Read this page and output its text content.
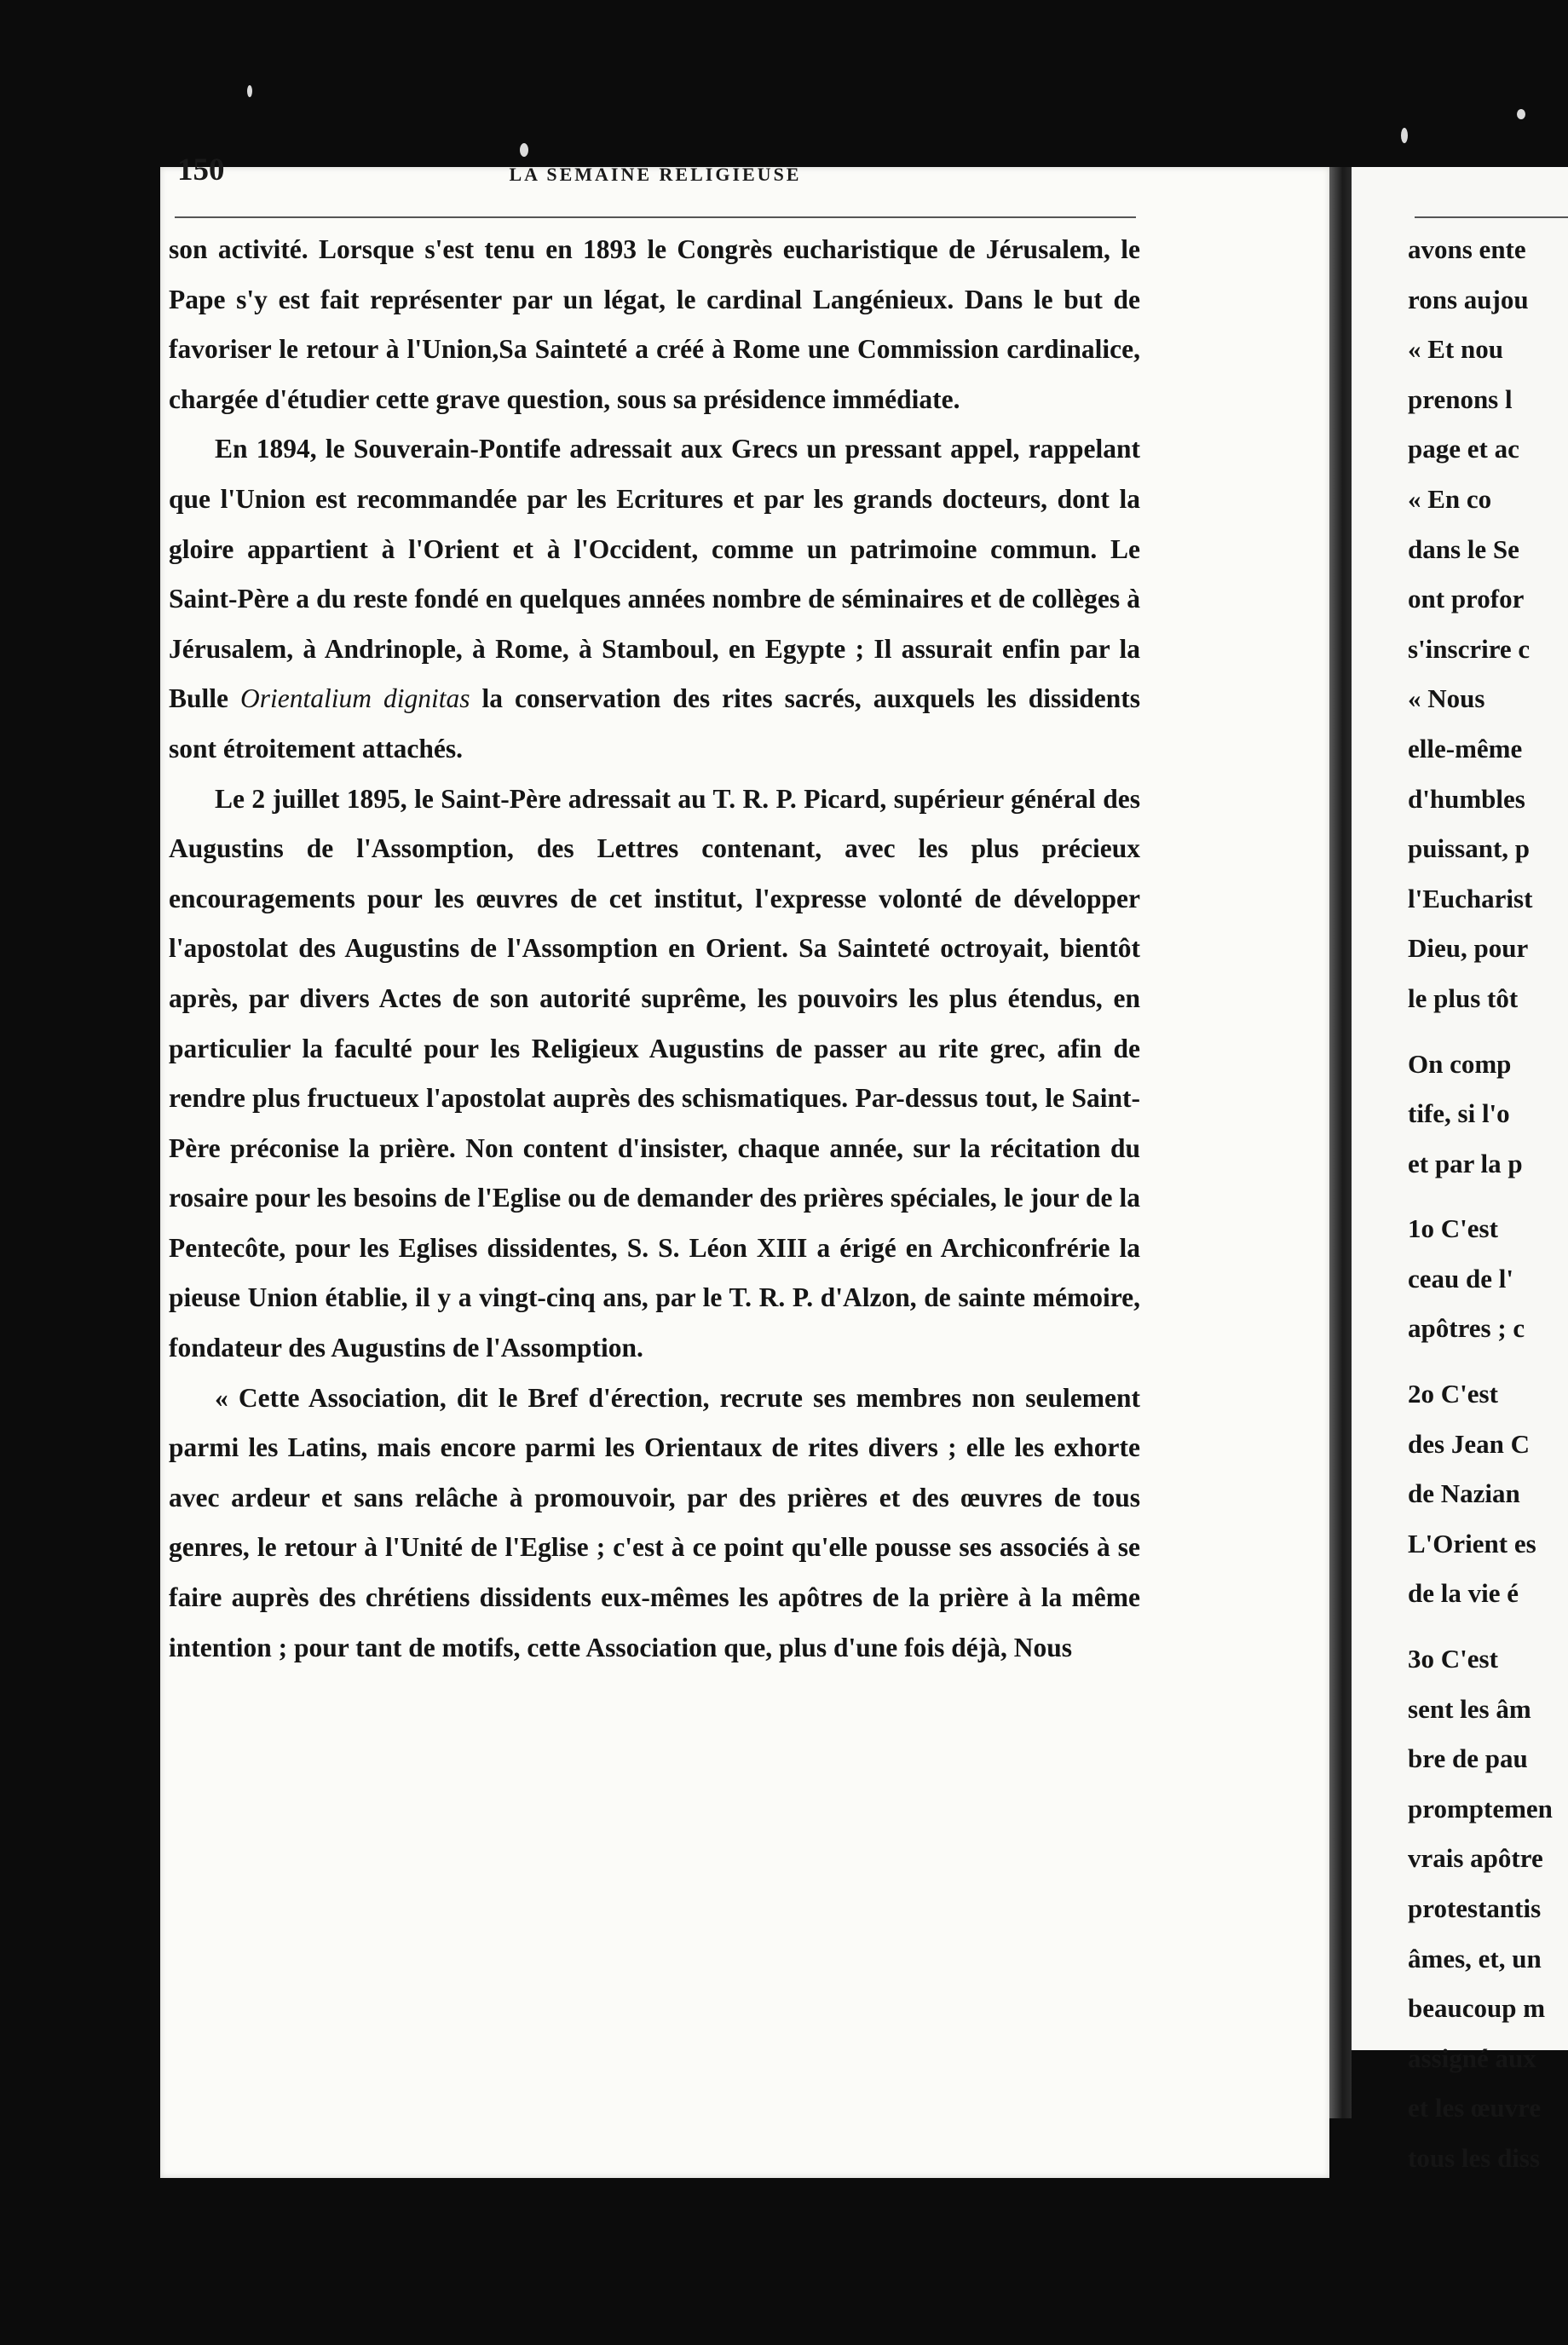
150	LA SEMAINE RELIGIEUSE

son activité. Lorsque s'est tenu en 1893 le Congrès eucharistique de Jérusalem, le Pape s'y est fait représenter par un légat, le cardinal Langénieux. Dans le but de favoriser le retour à l'Union,Sa Sainteté a créé à Rome une Commission cardinalice, chargée d'étudier cette grave question, sous sa présidence immédiate.

En 1894, le Souverain-Pontife adressait aux Grecs un pressant appel, rappelant que l'Union est recommandée par les Ecritures et par les grands docteurs, dont la gloire appartient à l'Orient et à l'Occident, comme un patrimoine commun. Le Saint-Père a du reste fondé en quelques années nombre de séminaires et de collèges à Jérusalem, à Andrinople, à Rome, à Stamboul, en Egypte ; Il assurait enfin par la Bulle Orientalium dignitas la conservation des rites sacrés, auxquels les dissidents sont étroitement attachés.

Le 2 juillet 1895, le Saint-Père adressait au T. R. P. Picard, supérieur général des Augustins de l'Assomption, des Lettres contenant, avec les plus précieux encouragements pour les œuvres de cet institut, l'expresse volonté de développer l'apostolat des Augustins de l'Assomption en Orient. Sa Sainteté octroyait, bientôt après, par divers Actes de son autorité suprême, les pouvoirs les plus étendus, en particulier la faculté pour les Religieux Augustins de passer au rite grec, afin de rendre plus fructueux l'apostolat auprès des schismatiques. Par-dessus tout, le Saint-Père préconise la prière. Non content d'insister, chaque année, sur la récitation du rosaire pour les besoins de l'Eglise ou de demander des prières spéciales, le jour de la Pentecôte, pour les Eglises dissidentes, S. S. Léon XIII a érigé en Archiconfrérie la pieuse Union établie, il y a vingt-cinq ans, par le T. R. P. d'Alzon, de sainte mémoire, fondateur des Augustins de l'Assomption.

« Cette Association, dit le Bref d'érection, recrute ses membres non seulement parmi les Latins, mais encore parmi les Orientaux de rites divers ; elle les exhorte avec ardeur et sans relâche à promouvoir, par des prières et des œuvres de tous genres, le retour à l'Unité de l'Eglise ; c'est à ce point qu'elle pousse ses associés à se faire auprès des chrétiens dissidents eux-mêmes les apôtres de la prière à la même intention ; pour tant de motifs, cette Association que, plus d'une fois déjà, Nous

avons ente
rons aujou
« Et nou
prenons l
page et ac
« En co
dans le Se
ont profor
s'inscrire c
« Nous
elle-même
d'humbles
puissant, p
l'Eucharist
Dieu, pour
le plus tôt

On comp
tife, si l'o
et par la p

1o C'est
ceau de l'
apôtres ; c

2o C'est
des Jean C
de Nazian
L'Orient es
de la vie é

3o C'est
sent les âm
bre de pau
promptemen
vrais apôtre
protestantis
âmes, et, un
beaucoup m
assigné aux
et les œuvre
tous les diss
